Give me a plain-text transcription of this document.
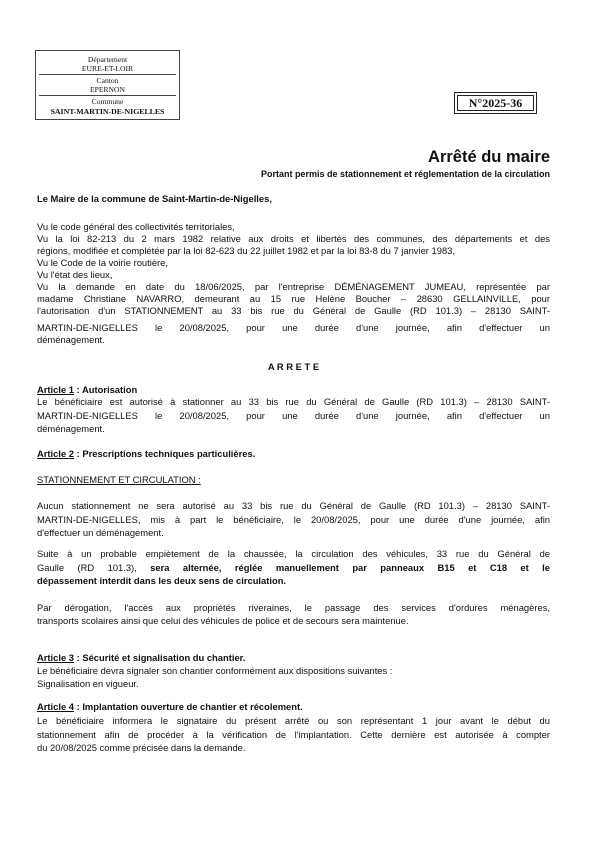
Département
EURE-ET-LOIR
Canton
EPERNON
Commune
SAINT-MARTIN-DE-NIGELLES
N°2025-36
Arrêté du maire
Portant permis de stationnement et réglementation de la circulation
Le Maire de la commune de Saint-Martin-de-Nigelles,
Vu le code général des collectivités territoriales,
Vu la loi 82-213 du 2 mars 1982 relative aux droits et libertés des communes, des départements et des
régions, modifiée et complétée par la loi 82-623 du 22 juillet 1982 et par la loi 83-8 du 7 janvier 1983,
Vu le Code de la voirie routière,
Vu l'état des lieux,
Vu la demande en date du 18/06/2025, par l'entreprise DÉMÉNAGEMENT JUMEAU, représentée par
madame Christiane NAVARRO, demeurant au 15 rue Helène Boucher – 28630 GELLAINVILLE, pour
l'autorisation d'un STATIONNEMENT au 33 bis rue du Général de Gaulle (RD 101.3) – 28130 SAINT-
MARTIN-DE-NIGELLES le 20/08/2025, pour une durée d'une journée, afin d'effectuer un
déménagement.
A R R E T E
Article 1 : Autorisation
Le bénéficiaire est autorisé à stationner au 33 bis rue du Général de Gaulle (RD 101.3) – 28130 SAINT-
MARTIN-DE-NIGELLES le 20/08/2025, pour une durée d'une journée, afin d'effectuer un
déménagement.
Article 2 : Prescriptions techniques particulières.
STATIONNEMENT ET CIRCULATION :
Aucun stationnement ne sera autorisé au 33 bis rue du Général de Gaulle (RD 101.3) – 28130 SAINT-
MARTIN-DE-NIGELLES, mis à part le bénéficiaire, le 20/08/2025, pour une durée d'une journée, afin
d'effectuer un déménagement.
Suite à un probable empiètement de la chaussée, la circulation des véhicules, 33 rue du Général de
Gaulle (RD 101.3), sera alternée, réglée manuellement par panneaux B15 et C18 et le
dépassement interdit dans les deux sens de circulation.
Par dérogation, l'accès aux propriétés riveraines, le passage des services d'ordures ménagères,
transports scolaires ainsi que celui des véhicules de police et de secours sera maintenue.
Article 3 : Sécurité et signalisation du chantier.
Le bénéficiaire devra signaler son chantier conformément aux dispositions suivantes :
Signalisation en vigueur.
Article 4 : Implantation ouverture de chantier et récolement.
Le bénéficiaire informera le signataire du présent arrêté ou son représentant 1 jour avant le début du
stationnement afin de procéder à la vérification de l'implantation. Cette dernière est autorisée à compter
du 20/08/2025 comme précisée dans la demande.
